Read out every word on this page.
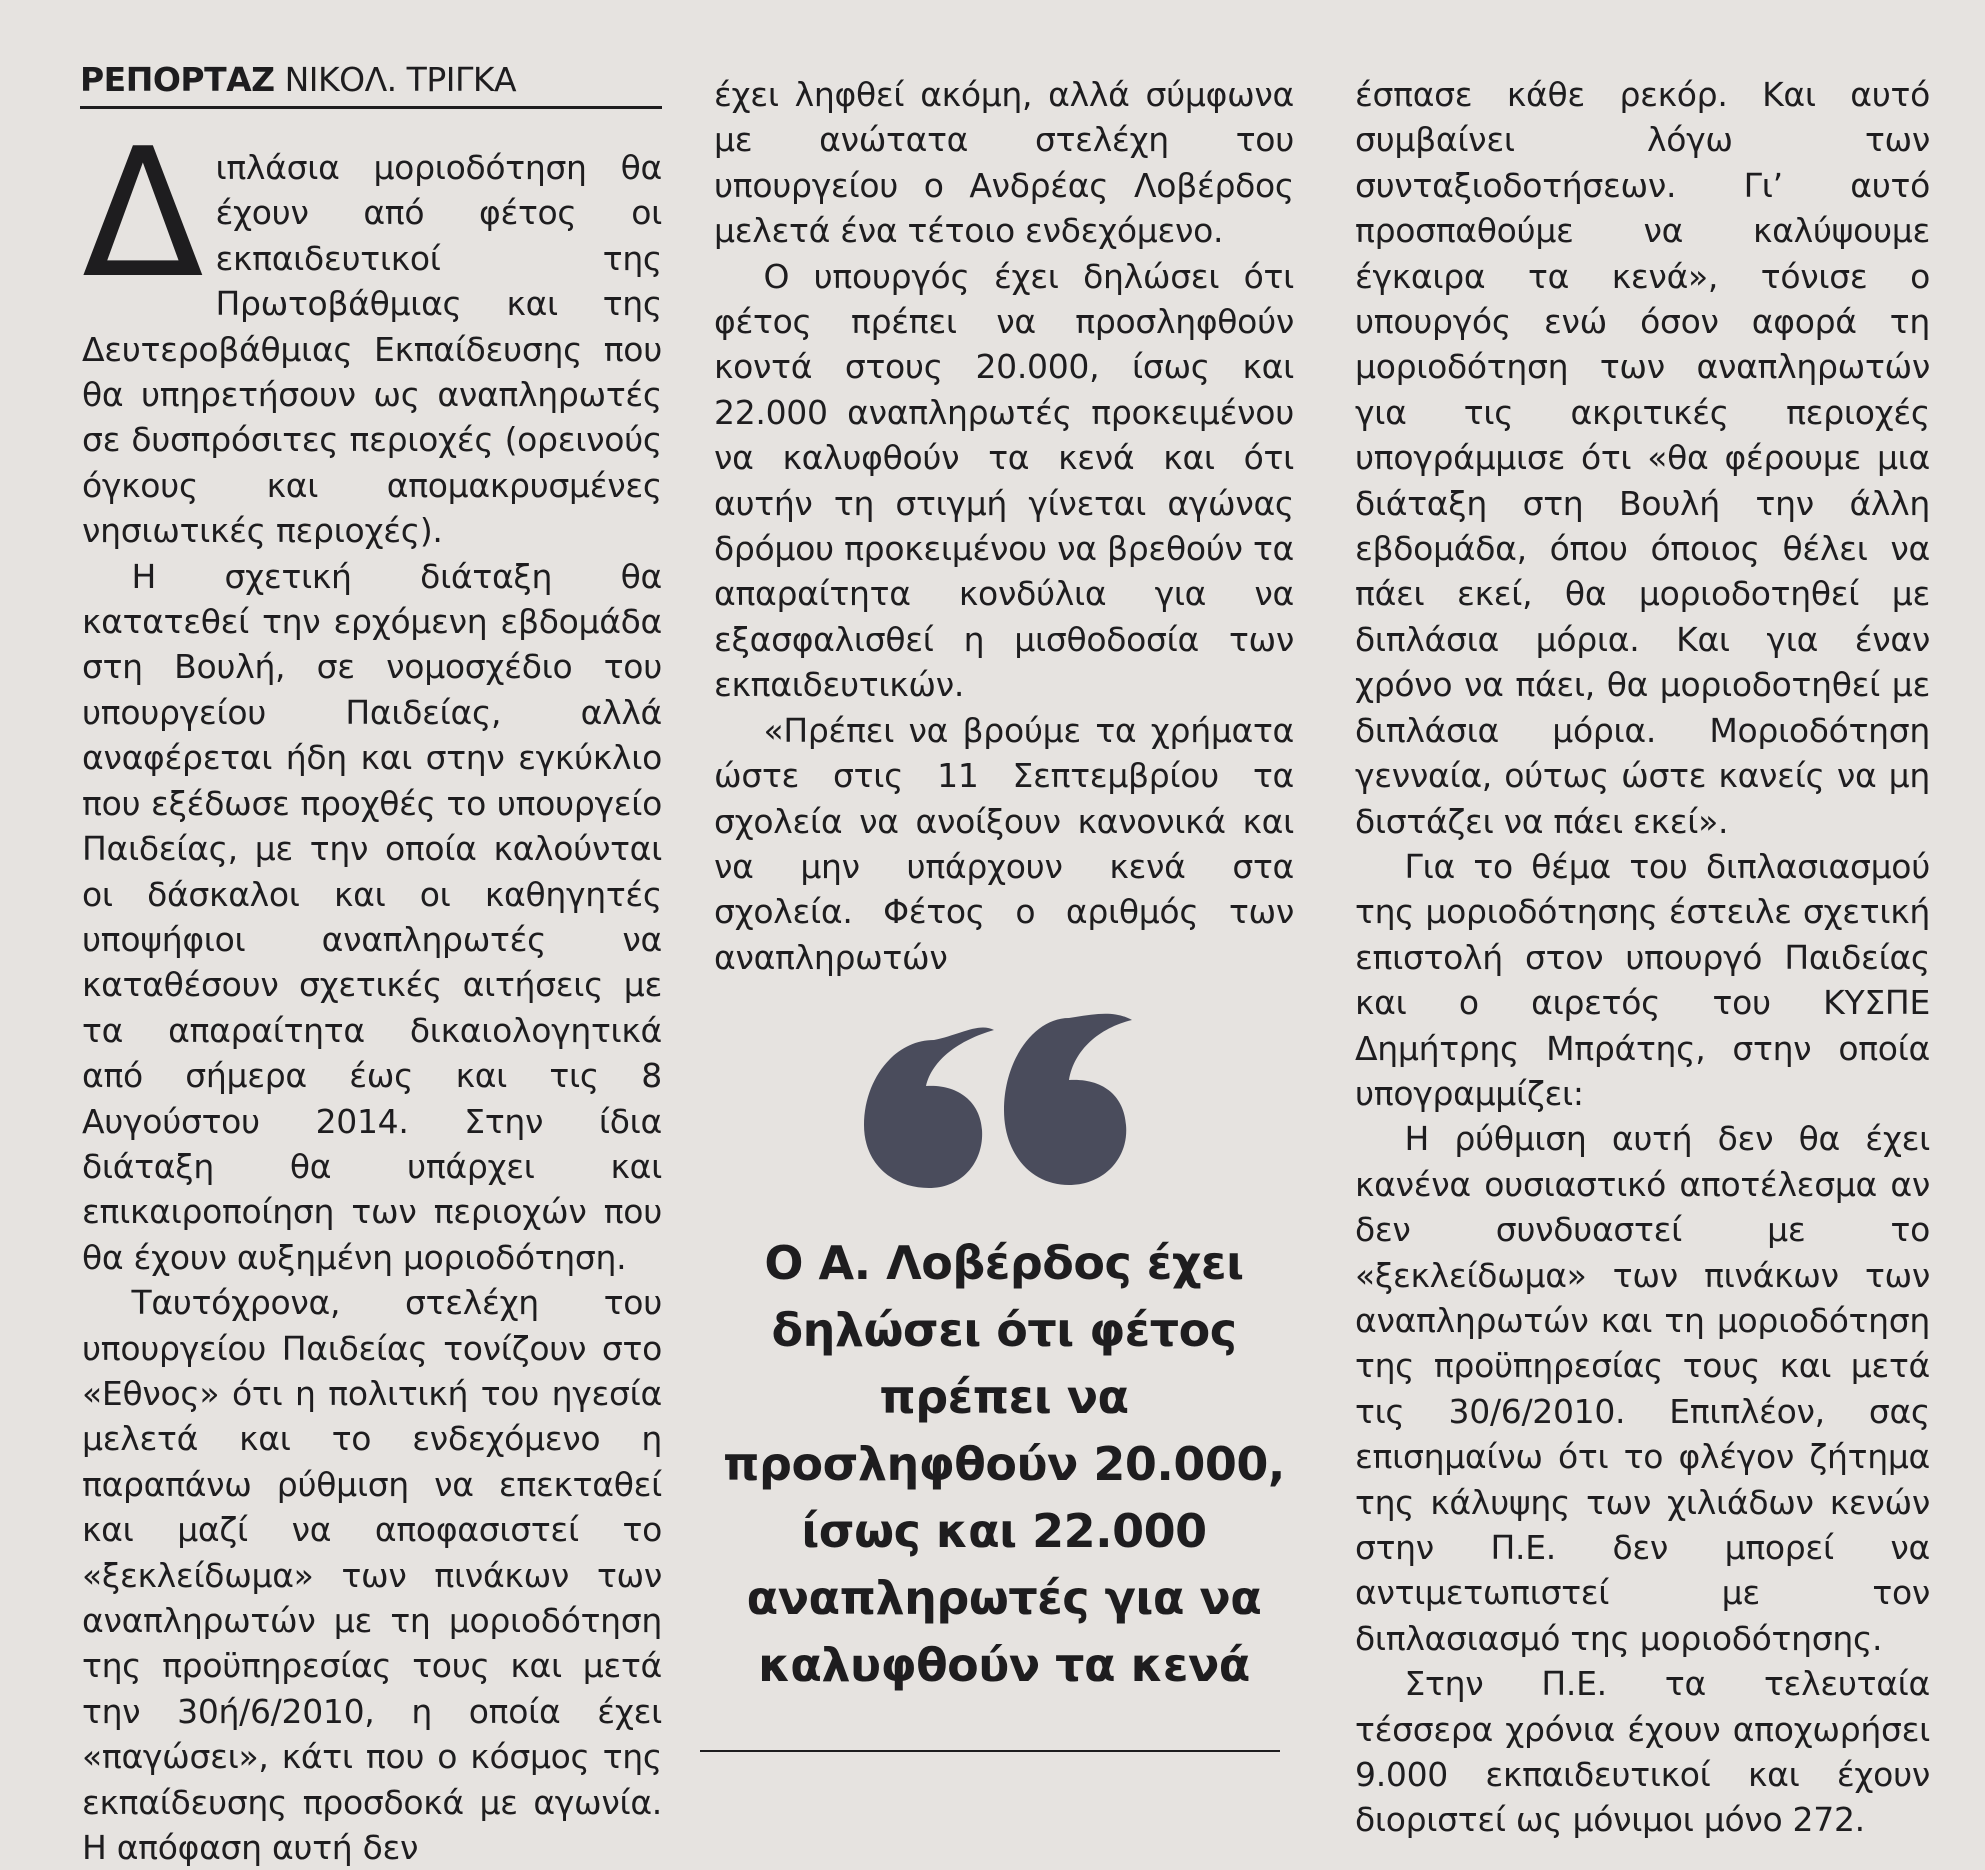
ΡΕΠΟΡΤΑΖ ΝΙΚΟΛ. ΤΡΙΓΚΑ
Δ ιπλάσια μοριοδότηση θα έχουν από φέτος οι εκπαιδευτικοί της Πρωτοβάθμιας και της Δευτεροβάθμιας Εκπαίδευσης που θα υπηρετήσουν ως αναπληρωτές σε δυσπρόσιτες περιοχές (ορεινούς όγκους και απομακρυσμένες νησιωτικές περιοχές).

Η σχετική διάταξη θα κατατεθεί την ερχόμενη εβδομάδα στη Βουλή, σε νομοσχέδιο του υπουργείου Παιδείας, αλλά αναφέρεται ήδη και στην εγκύκλιο που εξέδωσε προχθές το υπουργείο Παιδείας, με την οποία καλούνται οι δάσκαλοι και οι καθηγητές υποψήφιοι αναπληρωτές να καταθέσουν σχετικές αιτήσεις με τα απαραίτητα δικαιολογητικά από σήμερα έως και τις 8 Αυγούστου 2014. Στην ίδια διάταξη θα υπάρχει και επικαιροποίηση των περιοχών που θα έχουν αυξημένη μοριοδότηση.

Ταυτόχρονα, στελέχη του υπουργείου Παιδείας τονίζουν στο «Εθνος» ότι η πολιτική του ηγεσία μελετά και το ενδεχόμενο η παραπάνω ρύθμιση να επεκταθεί και μαζί να αποφασιστεί το «ξεκλείδωμα» των πινάκων των αναπληρωτών με τη μοριοδότηση της προϋπηρεσίας τους και μετά την 30ή/6/2010, η οποία έχει «παγώσει», κάτι που ο κόσμος της εκπαίδευσης προσδοκά με αγωνία. Η απόφαση αυτή δεν

έχει ληφθεί ακόμη, αλλά σύμφωνα με ανώτατα στελέχη του υπουργείου ο Ανδρέας Λοβέρδος μελετά ένα τέτοιο ενδεχόμενο.

Ο υπουργός έχει δηλώσει ότι φέτος πρέπει να προσληφθούν κοντά στους 20.000, ίσως και 22.000 αναπληρωτές προκειμένου να καλυφθούν τα κενά και ότι αυτήν τη στιγμή γίνεται αγώνας δρόμου προκειμένου να βρεθούν τα απαραίτητα κονδύλια για να εξασφαλισθεί η μισθοδοσία των εκπαιδευτικών.

«Πρέπει να βρούμε τα χρήματα ώστε στις 11 Σεπτεμβρίου τα σχολεία να ανοίξουν κανονικά και να μην υπάρχουν κενά στα σχολεία. Φέτος ο αριθμός των αναπληρωτών

Ο Α. Λοβέρδος έχει δηλώσει ότι φέτος πρέπει να προσληφθούν 20.000, ίσως και 22.000 αναπληρωτές για να καλυφθούν τα κενά

έσπασε κάθε ρεκόρ. Και αυτό συμβαίνει λόγω των συνταξιοδοτήσεων. Γι’ αυτό προσπαθούμε να καλύψουμε έγκαιρα τα κενά», τόνισε ο υπουργός ενώ όσον αφορά τη μοριοδότηση των αναπληρωτών για τις ακριτικές περιοχές υπογράμμισε ότι «θα φέρουμε μια διάταξη στη Βουλή την άλλη εβδομάδα, όπου όποιος θέλει να πάει εκεί, θα μοριοδοτηθεί με διπλάσια μόρια. Και για έναν χρόνο να πάει, θα μοριοδοτηθεί με διπλάσια μόρια. Μοριοδότηση γενναία, ούτως ώστε κανείς να μη διστάζει να πάει εκεί».

Για το θέμα του διπλασιασμού της μοριοδότησης έστειλε σχετική επιστολή στον υπουργό Παιδείας και ο αιρετός του ΚΥΣΠΕ Δημήτρης Μπράτης, στην οποία υπογραμμίζει:

Η ρύθμιση αυτή δεν θα έχει κανένα ουσιαστικό αποτέλεσμα αν δεν συνδυαστεί με το «ξεκλείδωμα» των πινάκων των αναπληρωτών και τη μοριοδότηση της προϋπηρεσίας τους και μετά τις 30/6/2010. Επιπλέον, σας επισημαίνω ότι το φλέγον ζήτημα της κάλυψης των χιλιάδων κενών στην Π.Ε. δεν μπορεί να αντιμετωπιστεί με τον διπλασιασμό της μοριοδότησης.

Στην Π.Ε. τα τελευταία τέσσερα χρόνια έχουν αποχωρήσει 9.000 εκπαιδευτικοί και έχουν διοριστεί ως μόνιμοι μόνο 272.
